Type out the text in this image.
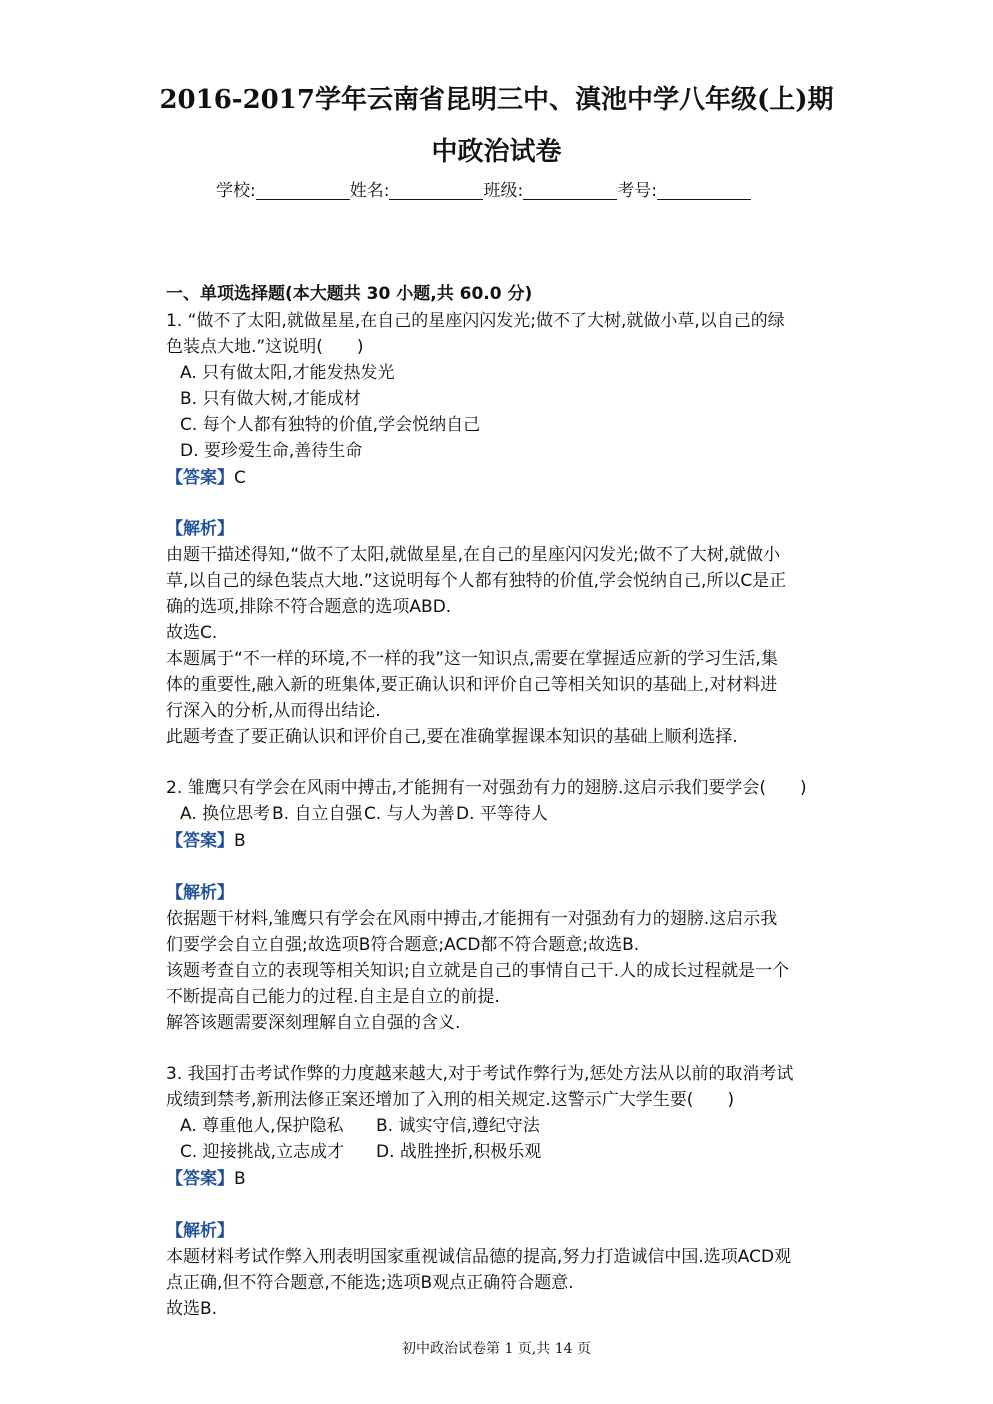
2016-2017学年云南省昆明三中、滇池中学八年级(上)期
中政治试卷
学校:	姓名:	班级:	考号:
一、单项选择题(本大题共 30 小题,共 60.0 分)
1. “做不了太阳,就做星星,在自己的星座闪闪发光;做不了大树,就做小草,以自己的绿
色装点大地.”这说明(　　)
A. 只有做太阳,才能发热发光
B. 只有做大树,才能成材
C. 每个人都有独特的价值,学会悦纳自己
D. 要珍爱生命,善待生命
【答案】C
【解析】
由题干描述得知,“做不了太阳,就做星星,在自己的星座闪闪发光;做不了大树,就做小
草,以自己的绿色装点大地.”这说明每个人都有独特的价值,学会悦纳自己,所以C是正
确的选项,排除不符合题意的选项ABD.
故选C.
本题属于“不一样的环境,不一样的我”这一知识点,需要在掌握适应新的学习生活,集
体的重要性,融入新的班集体,要正确认识和评价自己等相关知识的基础上,对材料进
行深入的分析,从而得出结论.
此题考查了要正确认识和评价自己,要在准确掌握课本知识的基础上顺利选择.
2. 雏鹰只有学会在风雨中搏击,才能拥有一对强劲有力的翅膀.这启示我们要学会(　　)
A. 换位思考 B. 自立自强C. 与人为善D. 平等待人
【答案】B
【解析】
依据题干材料,雏鹰只有学会在风雨中搏击,才能拥有一对强劲有力的翅膀.这启示我
们要学会自立自强;故选项B符合题意;ACD都不符合题意;故选B.
该题考查自立的表现等相关知识;自立就是自己的事情自己干.人的成长过程就是一个
不断提高自己能力的过程.自主是自立的前提.
解答该题需要深刻理解自立自强的含义.
3. 我国打击考试作弊的力度越来越大,对于考试作弊行为,惩处方法从以前的取消考试
成绩到禁考,新刑法修正案还增加了入刑的相关规定.这警示广大学生要(　　)
A. 尊重他人,保护隐私 B. 诚实守信,遵纪守法
C. 迎接挑战,立志成才 D. 战胜挫折,积极乐观
【答案】B
【解析】
本题材料考试作弊入刑表明国家重视诚信品德的提高,努力打造诚信中国.选项ACD观
点正确,但不符合题意,不能选;选项B观点正确符合题意.
故选B.
初中政治试卷第 1 页,共 14 页
